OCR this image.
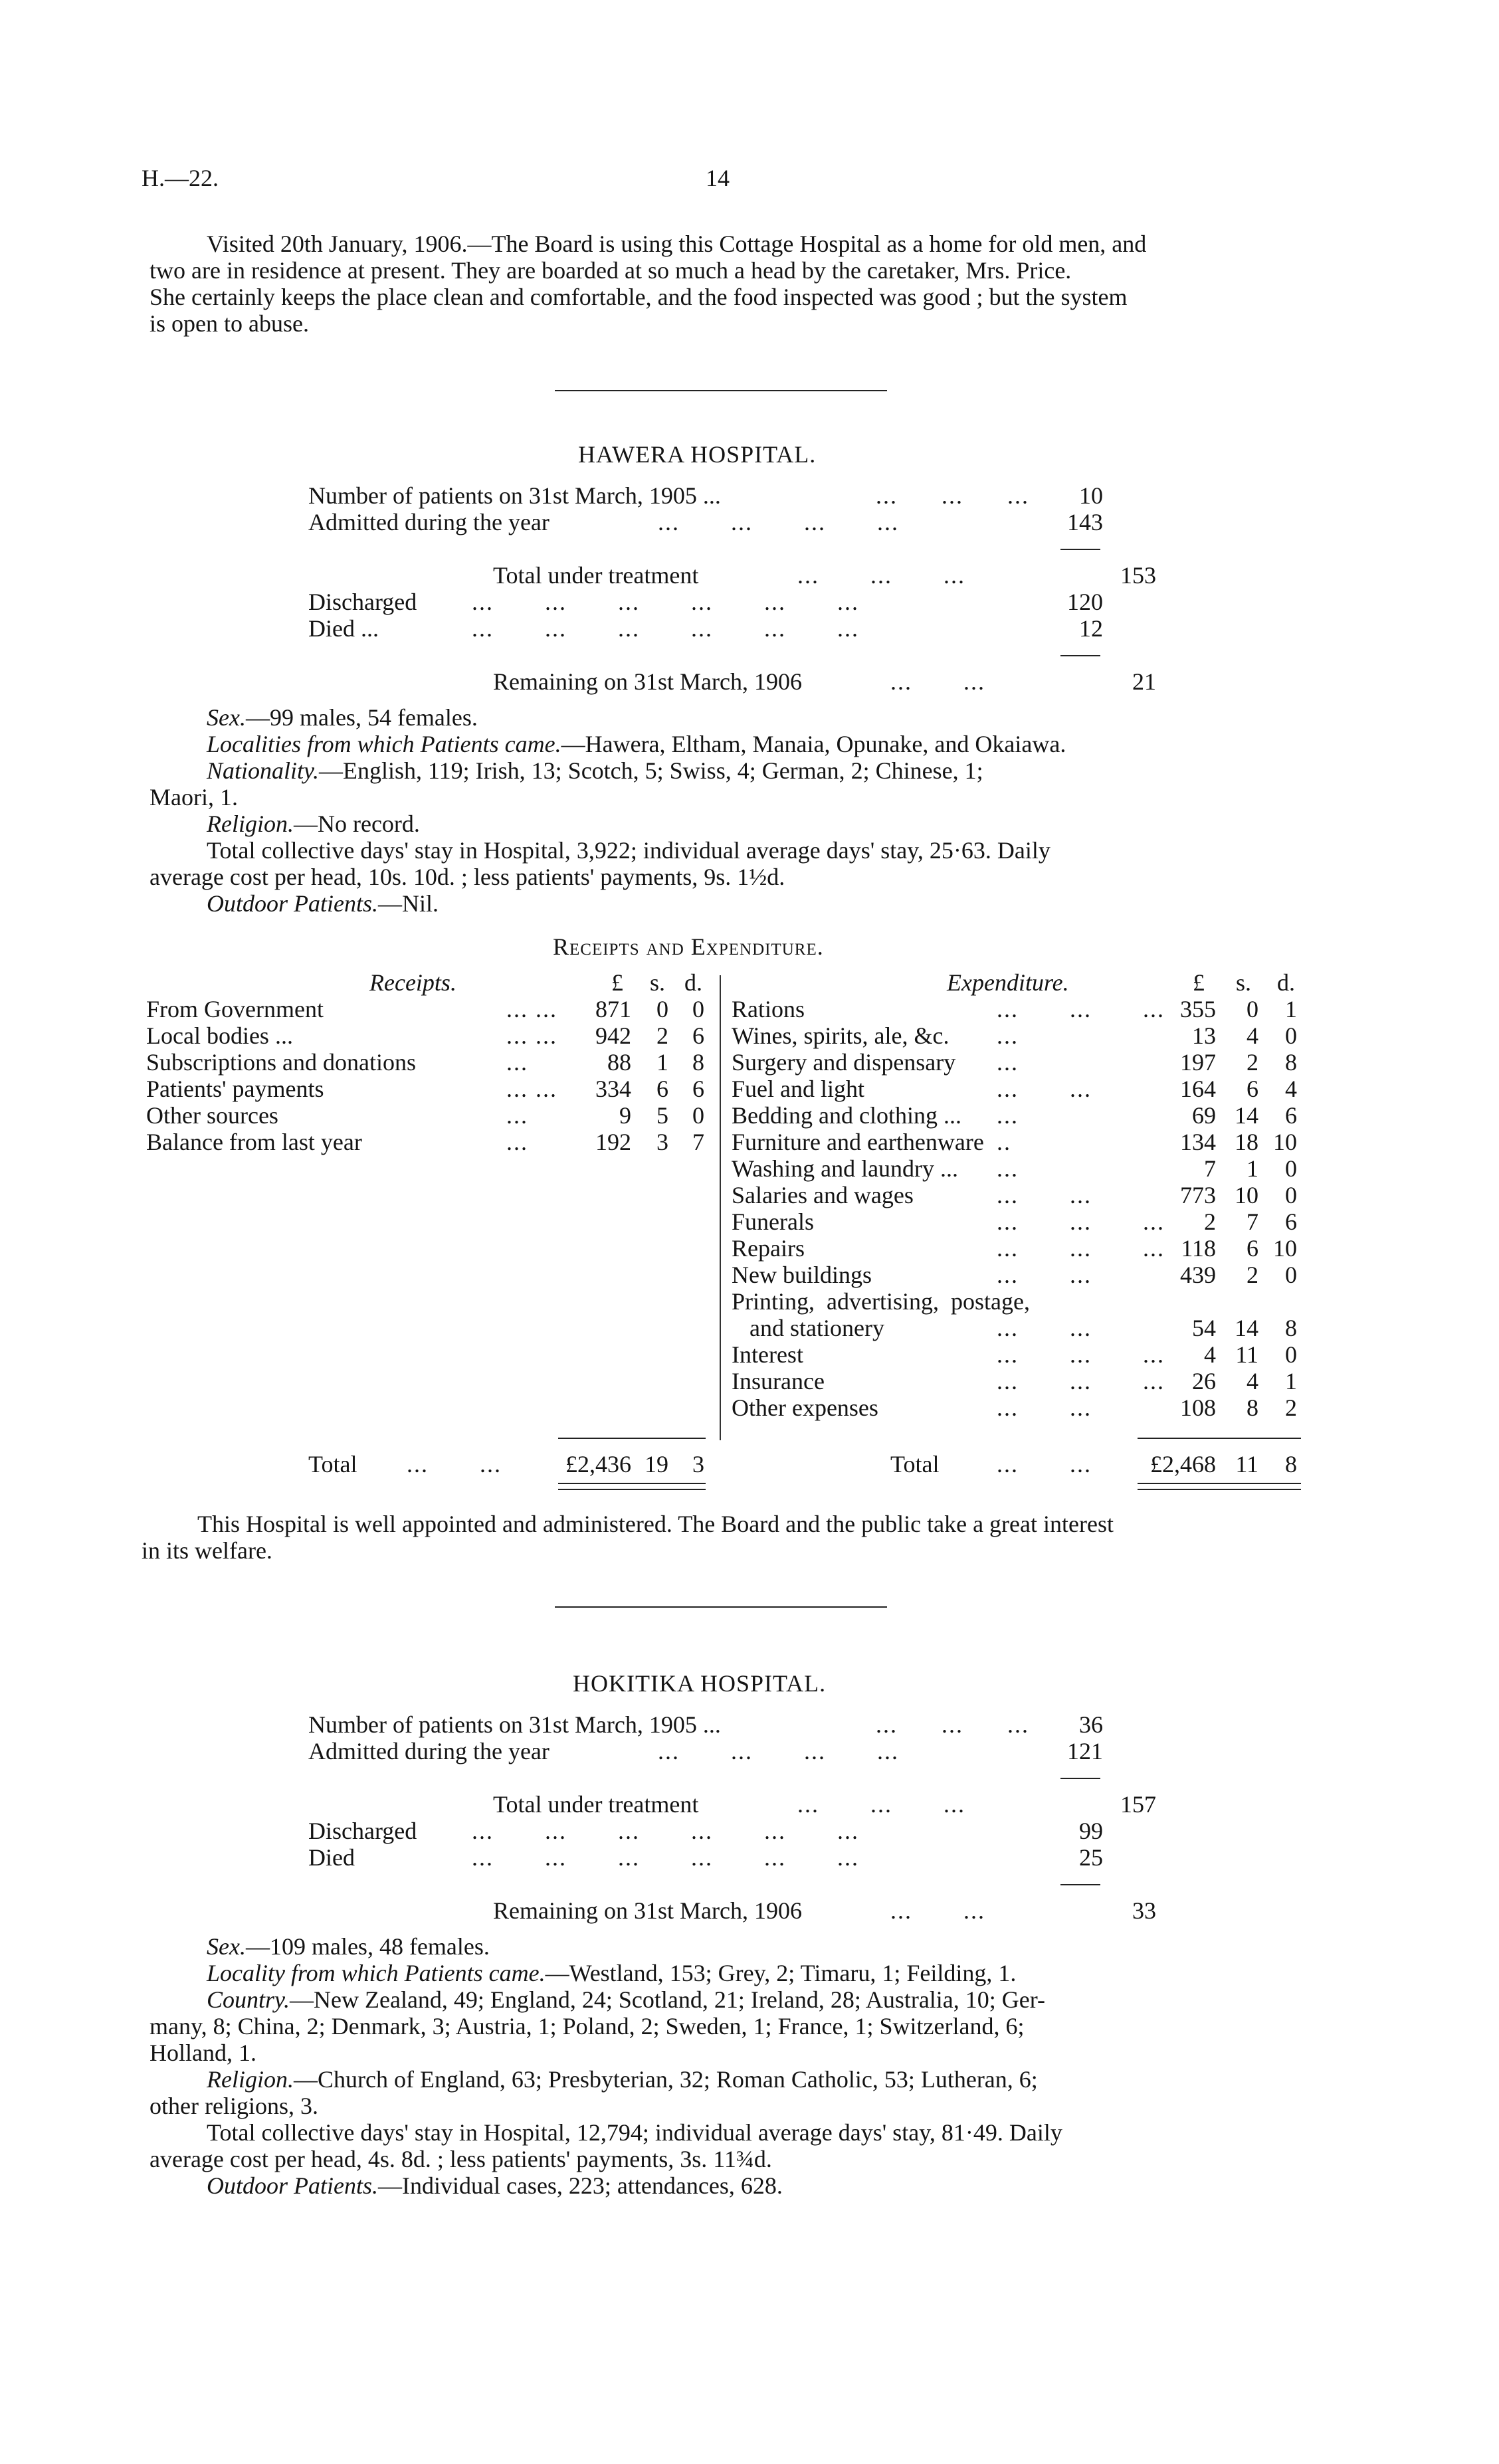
H.—22.	14
Visited 20th January, 1906.—The Board is using this Cottage Hospital as a home for old men, and
two are in residence at present. They are boarded at so much a head by the caretaker, Mrs. Price.
She certainly keeps the place clean and comfortable, and the food inspected was good ; but the system
is open to abuse.
HAWERA HOSPITAL.
Number of patients on 31st March, 1905 ...	...      ...      ...	10
Admitted during the year	...       ...       ...       ...	143
Total under treatment	...       ...       ...	153
Discharged ...       ...       ...       ...       ...       ...	120
Died ...	...       ...       ...       ...       ...       ...	12
Remaining on 31st March, 1906	...       ...	21
Sex.—99 males, 54 females.
Localities from which Patients came.—Hawera, Eltham, Manaia, Opunake, and Okaiawa.
Nationality.—English, 119; Irish, 13; Scotch, 5; Swiss, 4; German, 2; Chinese, 1;
Maori, 1.
Religion.—No record.
Total collective days' stay in Hospital, 3,922; individual average days' stay, 25·63. Daily
average cost per head, 10s. 10d. ; less patients' payments, 9s. 1½d.
Outdoor Patients.—Nil.
Receipts and Expenditure.
Receipts.	£ s. d.	Expenditure.	£ s. d.
From Government	... ...	871	0	0
Local bodies ...	... ...	942	2	6
Subscriptions and donations	...	88	1	8
Patients' payments	... ...	334	6	6
Other sources	...	9	5	0
Balance from last year	...	192	3	7
Rations	...       ...       ... 355	0	1
Wines, spirits, ale, &c. ...	13	4	0
Surgery and dispensary ...	197	2	8
Fuel and light	...       ...	164	6	4
Bedding and clothing ... ...	69 14	6
Furniture and earthenware ..	134 18 10
Washing and laundry ... ...	7	1	0
Salaries and wages	...       ...	773 10	0
Funerals	...       ...       ...	2	7	6
Repairs	...       ...       ... 118	6 10
New buildings	...       ...	439	2	0
Printing,  advertising,  postage,
and stationery	...       ...	54 14	8
Interest	...       ...       ...	4 11	0
Insurance	...       ...       ...	26	4	1
Other expenses	...       ...	108	8	2
Total ...       ...	£2,436 19	3	Total ...       ...	£2,468 11	8
This Hospital is well appointed and administered. The Board and the public take a great interest
in its welfare.
HOKITIKA HOSPITAL.
Number of patients on 31st March, 1905 ...	...      ...      ...	36
Admitted during the year	...       ...       ...       ...	121
Total under treatment	...       ...       ...	157
Discharged ...       ...       ...       ...       ...       ...	99
Died	...       ...       ...       ...       ...       ...	25
Remaining on 31st March, 1906	...       ...	33
Sex.—109 males, 48 females.
Locality from which Patients came.—Westland, 153; Grey, 2; Timaru, 1; Feilding, 1.
Country.—New Zealand, 49; England, 24; Scotland, 21; Ireland, 28; Australia, 10; Ger-
many, 8; China, 2; Denmark, 3; Austria, 1; Poland, 2; Sweden, 1; France, 1; Switzerland, 6;
Holland, 1.
Religion.—Church of England, 63; Presbyterian, 32; Roman Catholic, 53; Lutheran, 6;
other religions, 3.
Total collective days' stay in Hospital, 12,794; individual average days' stay, 81·49. Daily
average cost per head, 4s. 8d. ; less patients' payments, 3s. 11¾d.
Outdoor Patients.—Individual cases, 223; attendances, 628.
